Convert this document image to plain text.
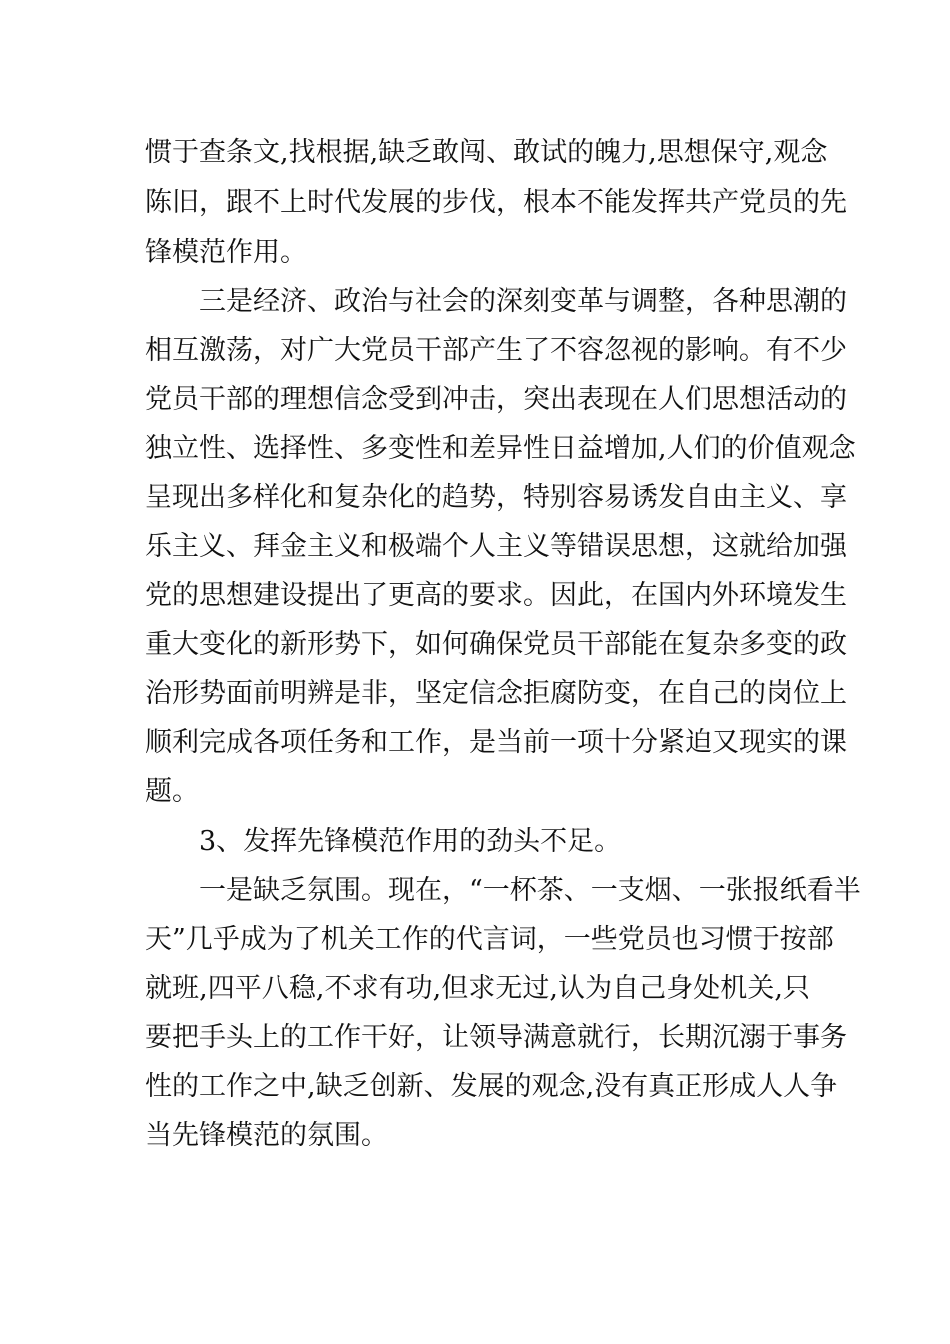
惯于查条文,找根据,缺乏敢闯、敢试的魄力,思想保守,观念
陈旧，跟不上时代发展的步伐，根本不能发挥共产党员的先
锋模范作用。
三是经济、政治与社会的深刻变革与调整，各种思潮的
相互激荡，对广大党员干部产生了不容忽视的影响。有不少
党员干部的理想信念受到冲击，突出表现在人们思想活动的
独立性、选择性、多变性和差异性日益增加,人们的价值观念
呈现出多样化和复杂化的趋势，特别容易诱发自由主义、享
乐主义、拜金主义和极端个人主义等错误思想，这就给加强
党的思想建设提出了更高的要求。因此，在国内外环境发生
重大变化的新形势下，如何确保党员干部能在复杂多变的政
治形势面前明辨是非，坚定信念拒腐防变，在自己的岗位上
顺利完成各项任务和工作，是当前一项十分紧迫又现实的课
题。
3、发挥先锋模范作用的劲头不足。
一是缺乏氛围。现在，“一杯茶、一支烟、一张报纸看半
天”几乎成为了机关工作的代言词，一些党员也习惯于按部
就班,四平八稳,不求有功,但求无过,认为自己身处机关,只
要把手头上的工作干好，让领导满意就行，长期沉溺于事务
性的工作之中,缺乏创新、发展的观念,没有真正形成人人争
当先锋模范的氛围。
